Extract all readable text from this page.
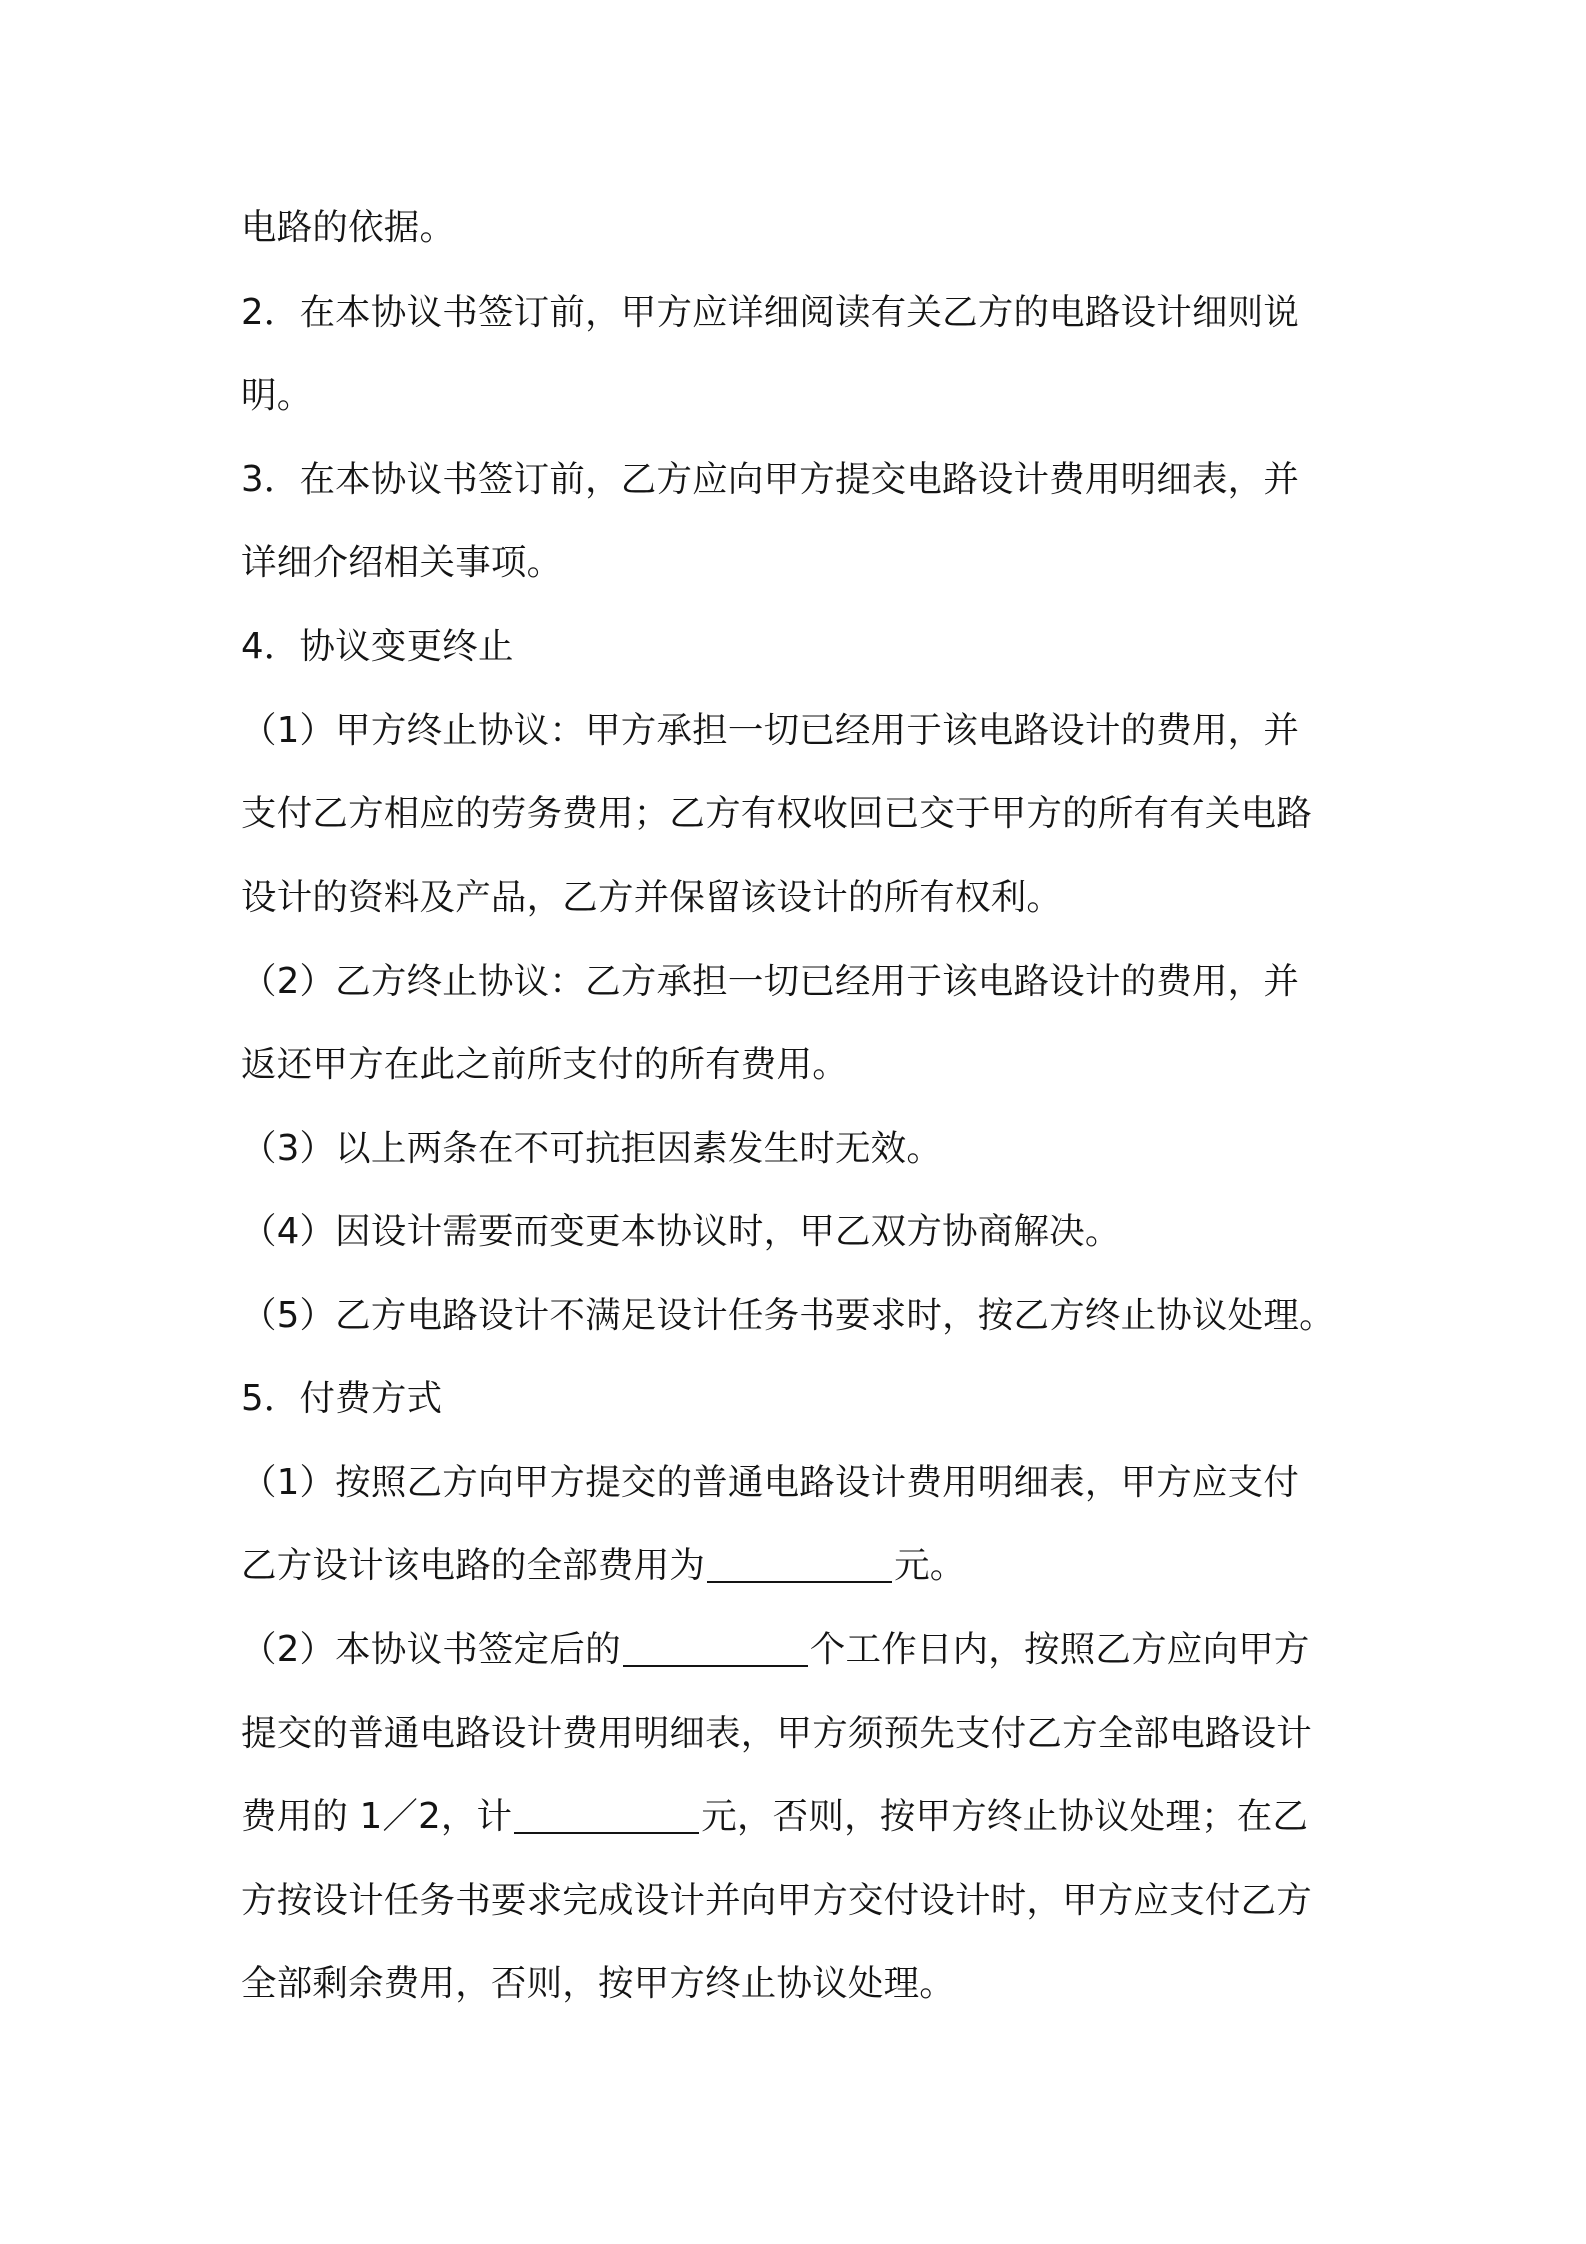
电路的依据。
2．在本协议书签订前，甲方应详细阅读有关乙方的电路设计细则说
明。
3．在本协议书签订前，乙方应向甲方提交电路设计费用明细表，并
详细介绍相关事项。
4．协议变更终止
（1）甲方终止协议：甲方承担一切已经用于该电路设计的费用，并
支付乙方相应的劳务费用；乙方有权收回已交于甲方的所有有关电路
设计的资料及产品，乙方并保留该设计的所有权利。
（2）乙方终止协议：乙方承担一切已经用于该电路设计的费用，并
返还甲方在此之前所支付的所有费用。
（3）以上两条在不可抗拒因素发生时无效。
（4）因设计需要而变更本协议时，甲乙双方协商解决。
（5）乙方电路设计不满足设计任务书要求时，按乙方终止协议处理。
5．付费方式
（1）按照乙方向甲方提交的普通电路设计费用明细表，甲方应支付
乙方设计该电路的全部费用为	元。
（2）本协议书签定后的	个工作日内，按照乙方应向甲方
提交的普通电路设计费用明细表，甲方须预先支付乙方全部电路设计
费用的 1／2，计	元，否则，按甲方终止协议处理；在乙
方按设计任务书要求完成设计并向甲方交付设计时，甲方应支付乙方
全部剩余费用，否则，按甲方终止协议处理。
